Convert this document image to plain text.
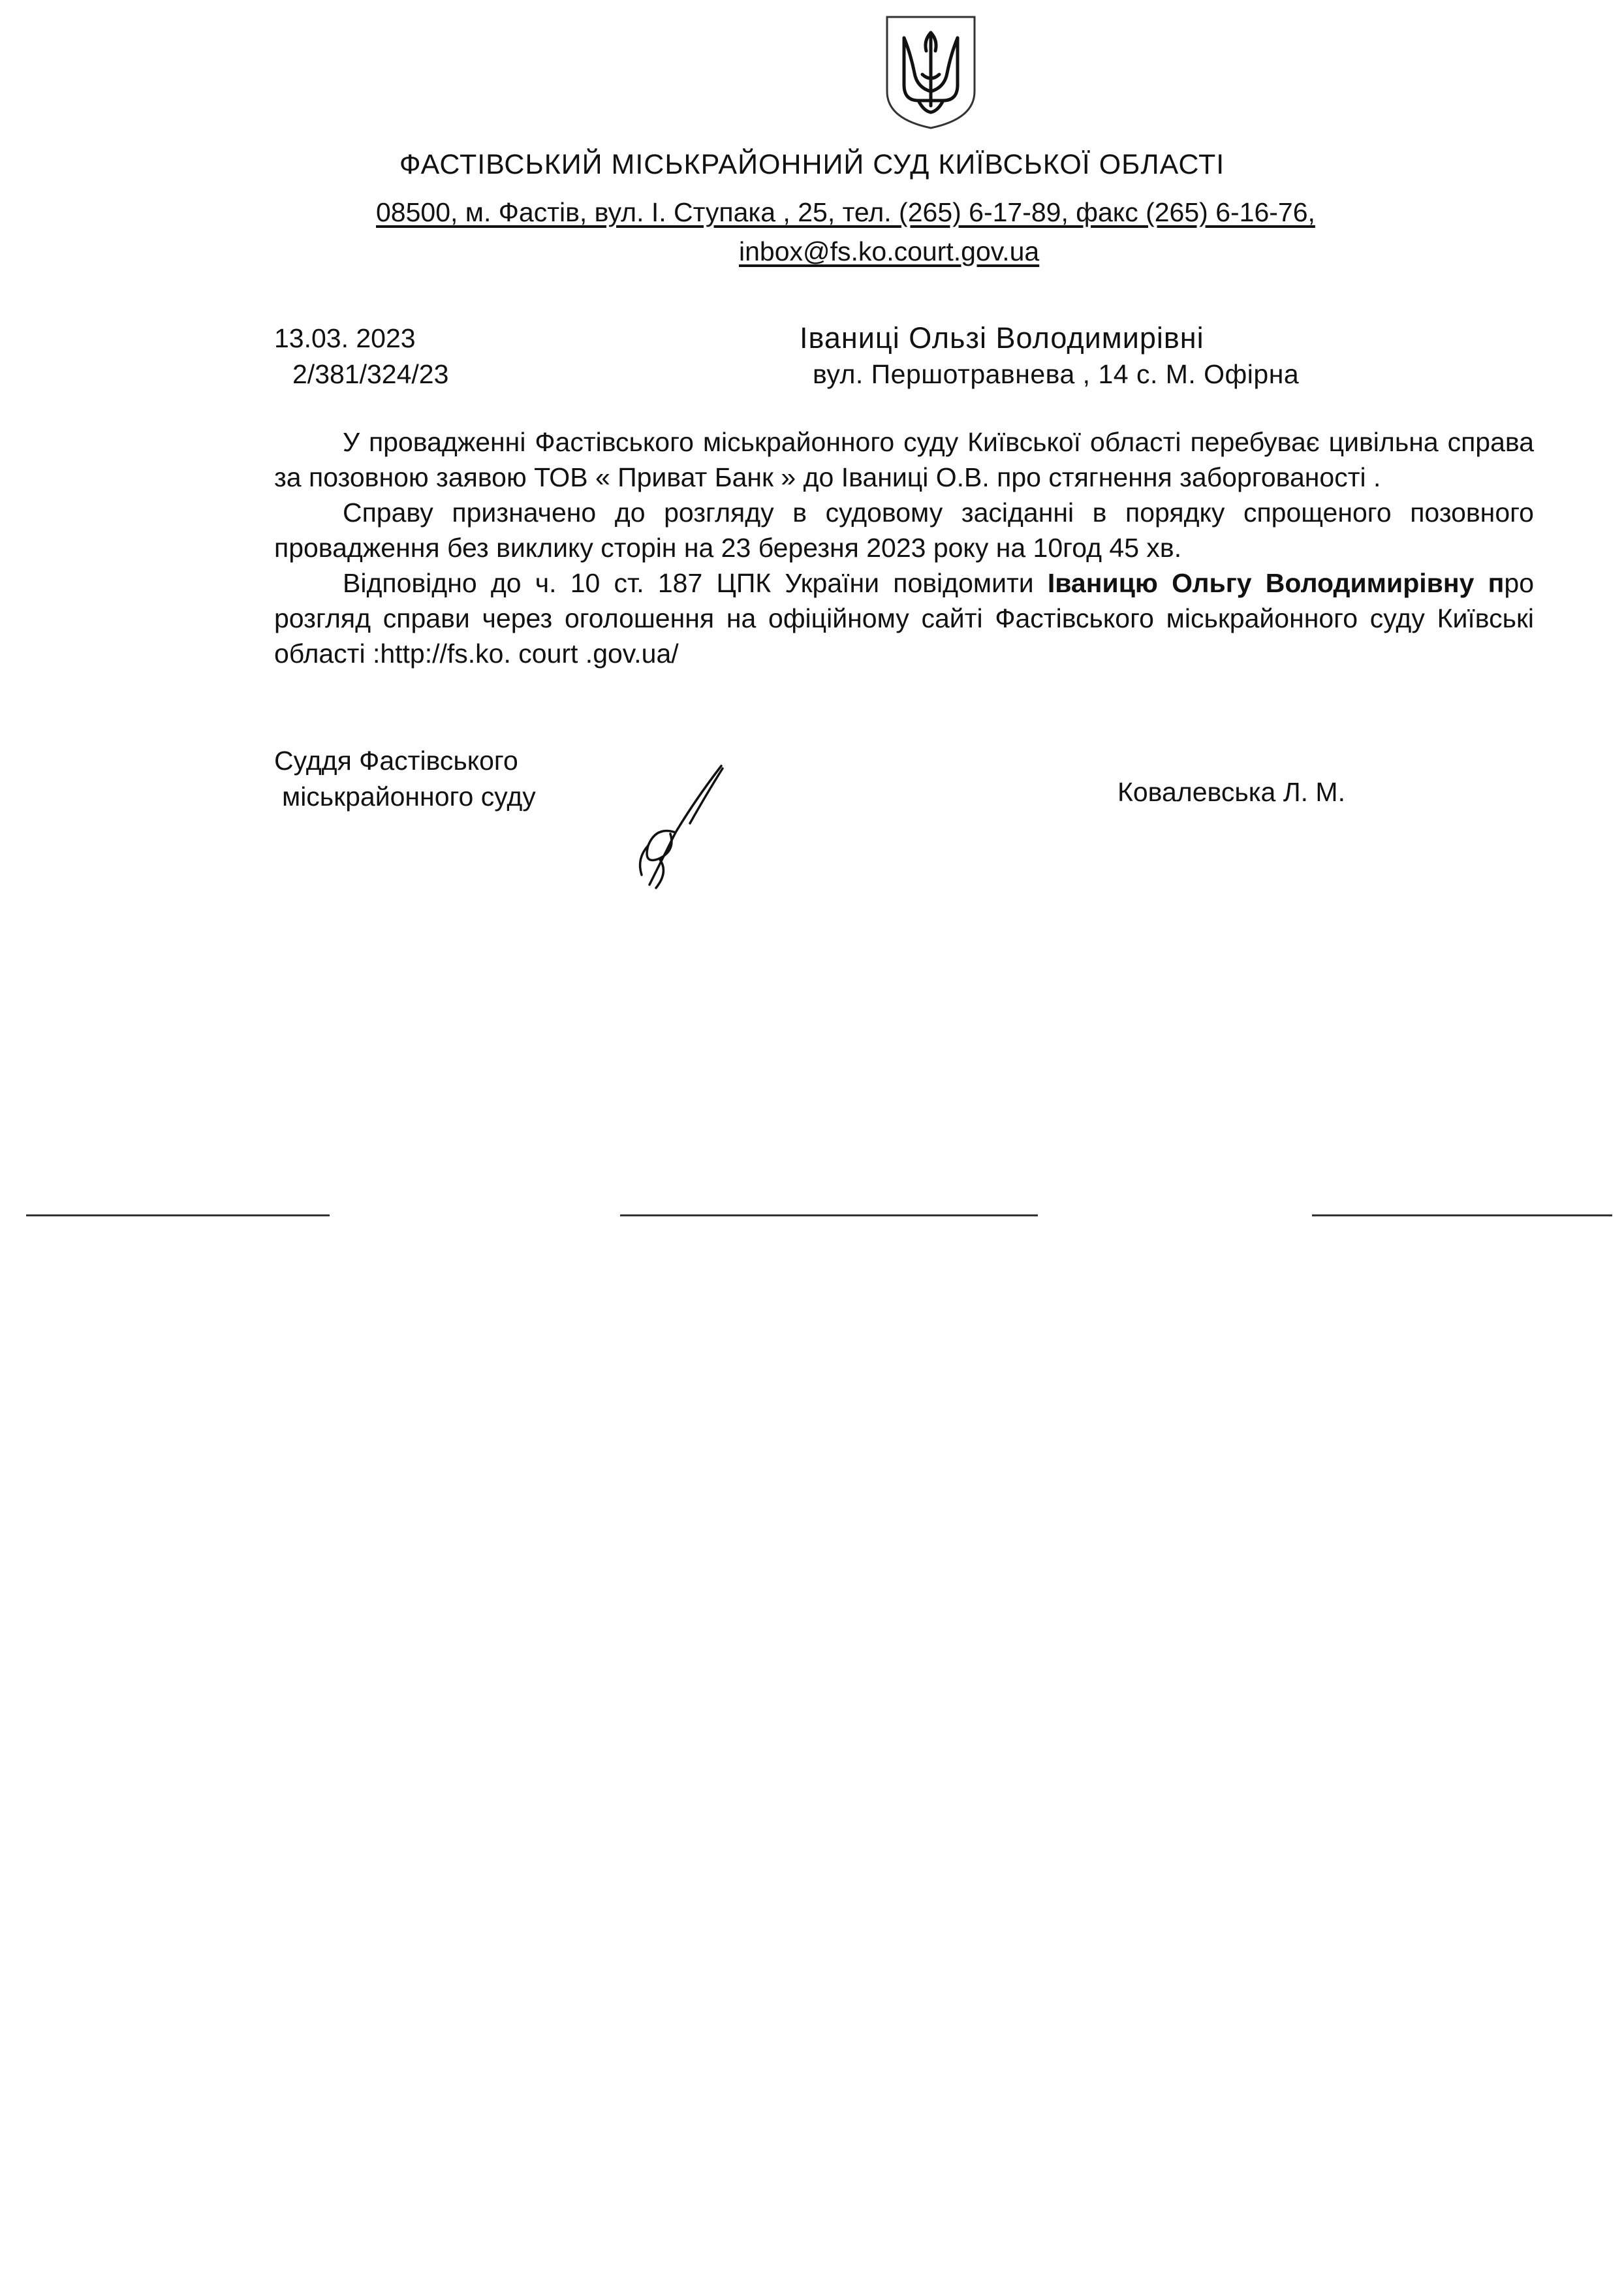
ФАСТІВСЬКИЙ МІСЬКРАЙОННИЙ СУД КИЇВСЬКОЇ ОБЛАСТІ
08500, м. Фастів, вул. І. Ступака , 25, тел. (265) 6-17-89, факс (265) 6-16-76,
inbox@fs.ko.court.gov.ua
13.03. 2023
2/381/324/23
Іваниці Ользі Володимирівні
вул. Першотравнева , 14 с. М. Офірна

У провадженні Фастівського міськрайонного суду Київської області перебуває цивільна справа за позовною заявою ТОВ « Приват Банк » до Іваниці О.В. про стягнення заборгованості .

Справу призначено до розгляду в судовому засіданні в порядку спрощеного позовного провадження без виклику сторін на 23 березня 2023 року на 10год 45 хв.

Відповідно до ч. 10 ст. 187 ЦПК України повідомити Іваницю Ольгу Володимирівну про розгляд справи через оголошення на офіційному сайті Фастівського міськрайонного суду Київські області :http://fs.ko. court .gov.ua/

Суддя Фастівського
міськрайонного суду	Ковалевська Л. М.
